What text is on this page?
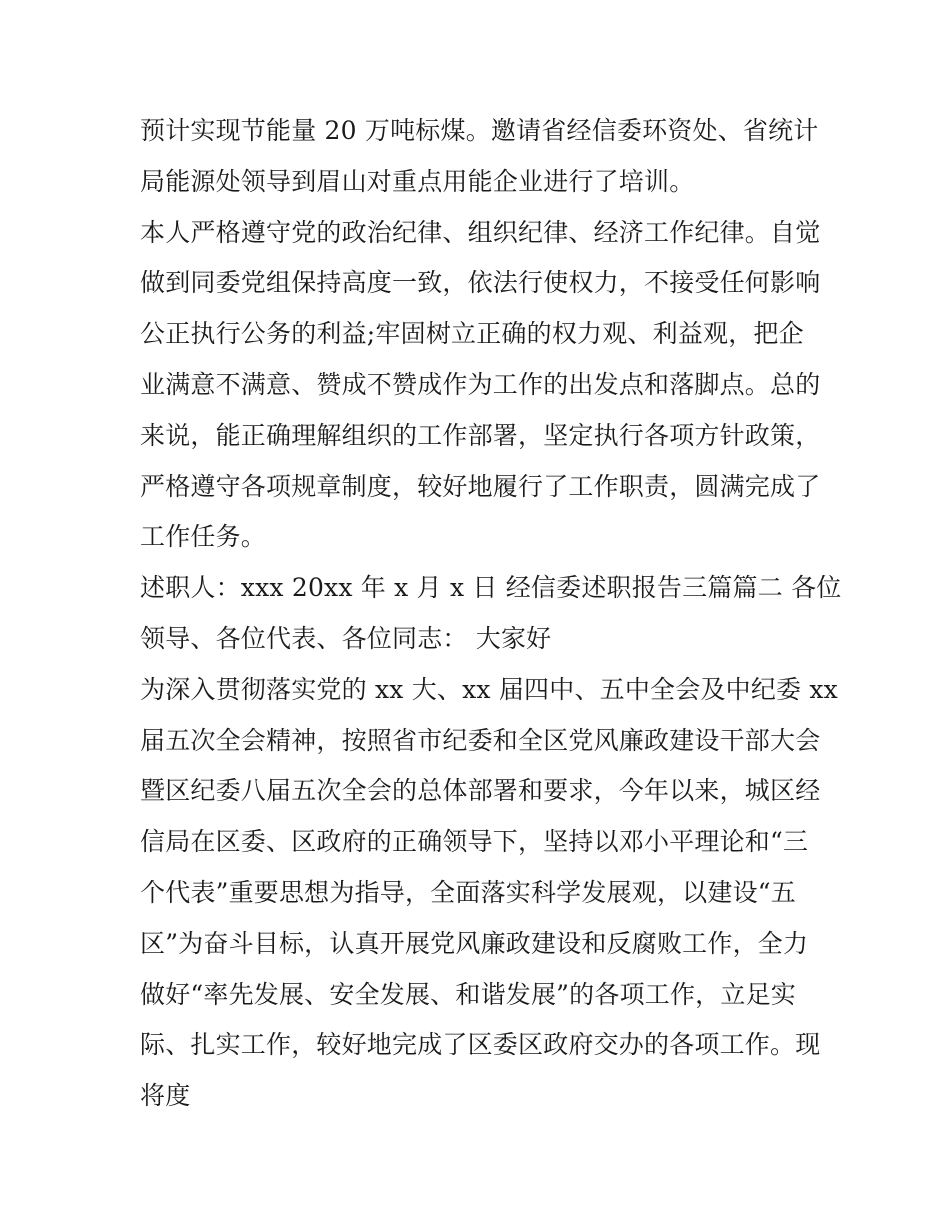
预计实现节能量 20 万吨标煤。邀请省经信委环资处、省统计
局能源处领导到眉山对重点用能企业进行了培训。
本人严格遵守党的政治纪律、组织纪律、经济工作纪律。自觉
做到同委党组保持高度一致，依法行使权力，不接受任何影响
公正执行公务的利益;牢固树立正确的权力观、利益观，把企
业满意不满意、赞成不赞成作为工作的出发点和落脚点。总的
来说，能正确理解组织的工作部署，坚定执行各项方针政策，
严格遵守各项规章制度，较好地履行了工作职责，圆满完成了
工作任务。
述职人：xxx 20xx 年 x 月 x 日 经信委述职报告三篇篇二 各位
领导、各位代表、各位同志： 大家好
为深入贯彻落实党的 xx 大、xx 届四中、五中全会及中纪委 xx
届五次全会精神，按照省市纪委和全区党风廉政建设干部大会
暨区纪委八届五次全会的总体部署和要求，今年以来，城区经
信局在区委、区政府的正确领导下，坚持以邓小平理论和“三
个代表”重要思想为指导，全面落实科学发展观，以建设“五
区”为奋斗目标，认真开展党风廉政建设和反腐败工作，全力
做好“率先发展、安全发展、和谐发展”的各项工作，立足实
际、扎实工作，较好地完成了区委区政府交办的各项工作。现
将度
